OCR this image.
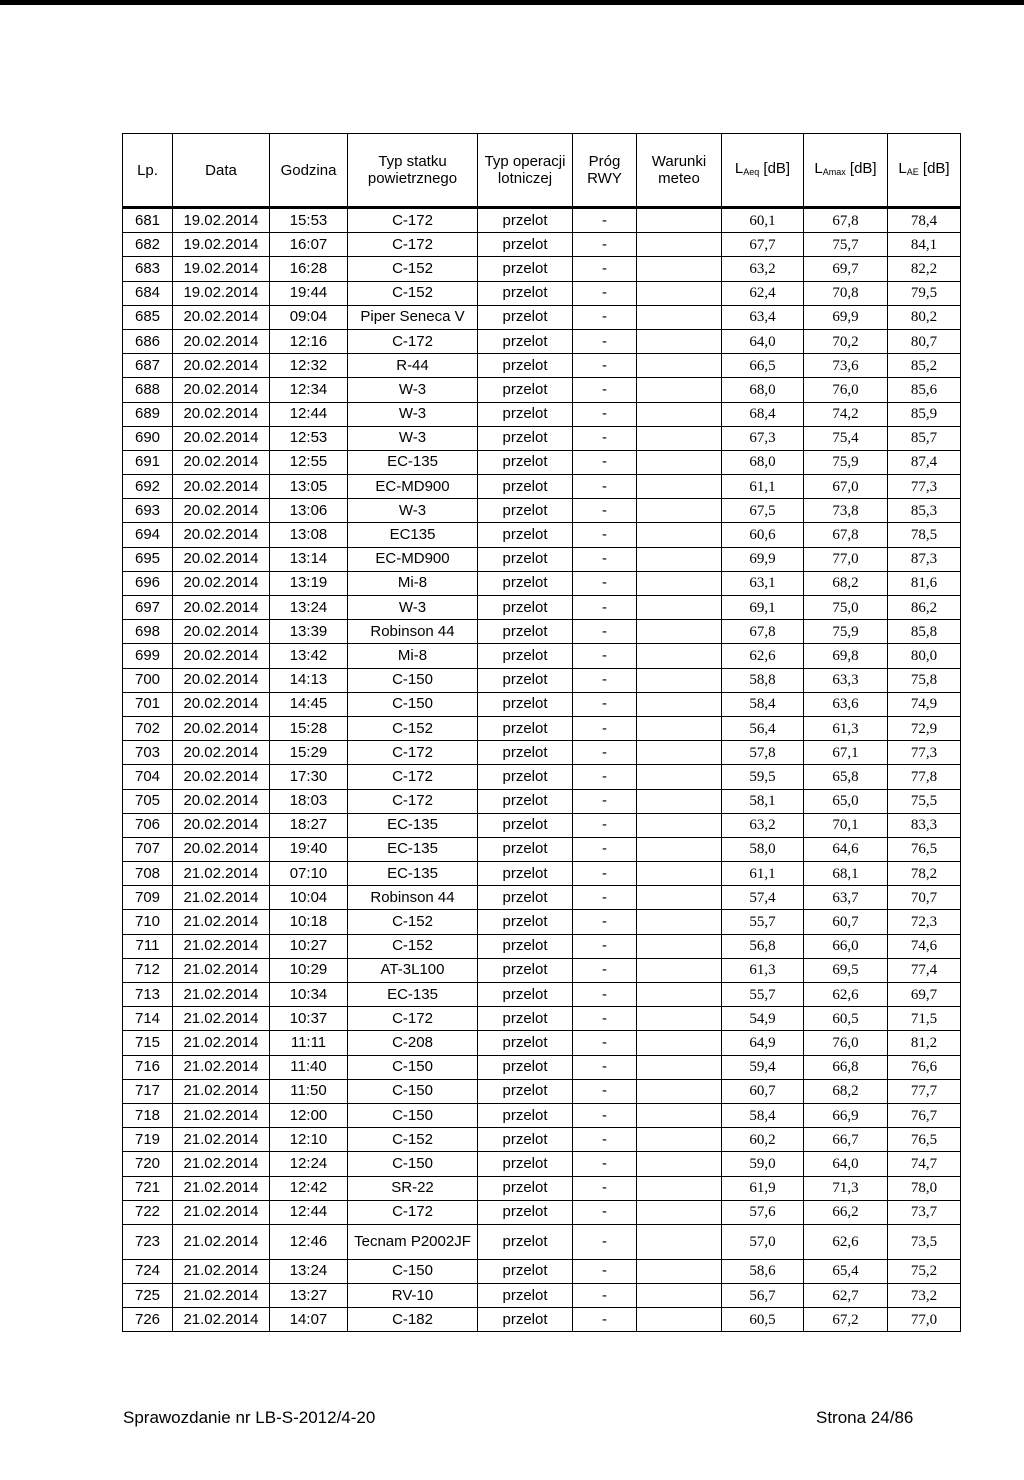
Lp.	Data	Godzina	Typ statku powietrznego	Typ operacji lotniczej	Próg RWY	Warunki meteo	$L_{Aeq}$ [dB]	$L_{Amax}$ [dB]	$L_{AE}$ [dB]
681	19.02.2014	15:53	C-172	przelot	-		60,1	67,8	78,4
682	19.02.2014	16:07	C-172	przelot	-		67,7	75,7	84,1
683	19.02.2014	16:28	C-152	przelot	-		63,2	69,7	82,2
684	19.02.2014	19:44	C-152	przelot	-		62,4	70,8	79,5
685	20.02.2014	09:04	Piper Seneca V	przelot	-		63,4	69,9	80,2
686	20.02.2014	12:16	C-172	przelot	-		64,0	70,2	80,7
687	20.02.2014	12:32	R-44	przelot	-		66,5	73,6	85,2
688	20.02.2014	12:34	W-3	przelot	-		68,0	76,0	85,6
689	20.02.2014	12:44	W-3	przelot	-		68,4	74,2	85,9
690	20.02.2014	12:53	W-3	przelot	-		67,3	75,4	85,7
691	20.02.2014	12:55	EC-135	przelot	-		68,0	75,9	87,4
692	20.02.2014	13:05	EC-MD900	przelot	-		61,1	67,0	77,3
693	20.02.2014	13:06	W-3	przelot	-		67,5	73,8	85,3
694	20.02.2014	13:08	EC135	przelot	-		60,6	67,8	78,5
695	20.02.2014	13:14	EC-MD900	przelot	-		69,9	77,0	87,3
696	20.02.2014	13:19	Mi-8	przelot	-		63,1	68,2	81,6
697	20.02.2014	13:24	W-3	przelot	-		69,1	75,0	86,2
698	20.02.2014	13:39	Robinson 44	przelot	-		67,8	75,9	85,8
699	20.02.2014	13:42	Mi-8	przelot	-		62,6	69,8	80,0
700	20.02.2014	14:13	C-150	przelot	-		58,8	63,3	75,8
701	20.02.2014	14:45	C-150	przelot	-		58,4	63,6	74,9
702	20.02.2014	15:28	C-152	przelot	-		56,4	61,3	72,9
703	20.02.2014	15:29	C-172	przelot	-		57,8	67,1	77,3
704	20.02.2014	17:30	C-172	przelot	-		59,5	65,8	77,8
705	20.02.2014	18:03	C-172	przelot	-		58,1	65,0	75,5
706	20.02.2014	18:27	EC-135	przelot	-		63,2	70,1	83,3
707	20.02.2014	19:40	EC-135	przelot	-		58,0	64,6	76,5
708	21.02.2014	07:10	EC-135	przelot	-		61,1	68,1	78,2
709	21.02.2014	10:04	Robinson 44	przelot	-		57,4	63,7	70,7
710	21.02.2014	10:18	C-152	przelot	-		55,7	60,7	72,3
711	21.02.2014	10:27	C-152	przelot	-		56,8	66,0	74,6
712	21.02.2014	10:29	AT-3L100	przelot	-		61,3	69,5	77,4
713	21.02.2014	10:34	EC-135	przelot	-		55,7	62,6	69,7
714	21.02.2014	10:37	C-172	przelot	-		54,9	60,5	71,5
715	21.02.2014	11:11	C-208	przelot	-		64,9	76,0	81,2
716	21.02.2014	11:40	C-150	przelot	-		59,4	66,8	76,6
717	21.02.2014	11:50	C-150	przelot	-		60,7	68,2	77,7
718	21.02.2014	12:00	C-150	przelot	-		58,4	66,9	76,7
719	21.02.2014	12:10	C-152	przelot	-		60,2	66,7	76,5
720	21.02.2014	12:24	C-150	przelot	-		59,0	64,0	74,7
721	21.02.2014	12:42	SR-22	przelot	-		61,9	71,3	78,0
722	21.02.2014	12:44	C-172	przelot	-		57,6	66,2	73,7
723	21.02.2014	12:46	Tecnam P2002JF	przelot	-		57,0	62,6	73,5
724	21.02.2014	13:24	C-150	przelot	-		58,6	65,4	75,2
725	21.02.2014	13:27	RV-10	przelot	-		56,7	62,7	73,2
726	21.02.2014	14:07	C-182	przelot	-		60,5	67,2	77,0
Sprawozdanie nr LB-S-2012/4-20	Strona 24/86
